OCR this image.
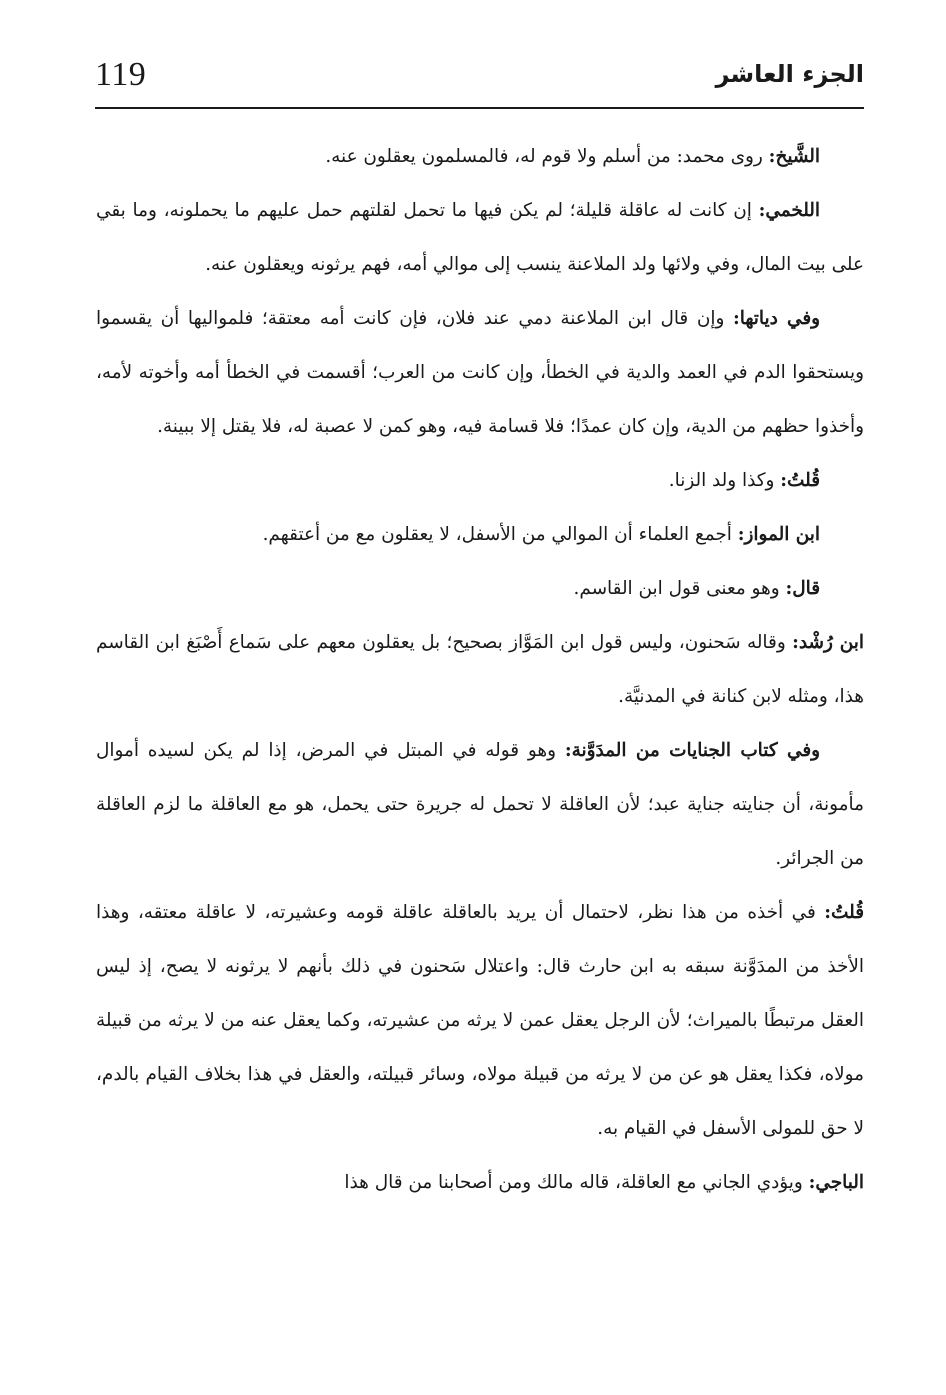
119	الجزء العاشر

الشَّيخ: روى محمد: من أسلم ولا قوم له، فالمسلمون يعقلون عنه.

اللخمي: إن كانت له عاقلة قليلة؛ لم يكن فيها ما تحمل لقلتهم حمل عليهم ما يحملونه، وما بقي على بيت المال، وفي ولائها ولد الملاعنة ينسب إلى موالي أمه، فهم يرثونه ويعقلون عنه.

وفي دياتها: وإن قال ابن الملاعنة دمي عند فلان، فإن كانت أمه معتقة؛ فلمواليها أن يقسموا ويستحقوا الدم في العمد والدية في الخطأ، وإن كانت من العرب؛ أقسمت في الخطأ أمه وأخوته لأمه، وأخذوا حظهم من الدية، وإن كان عمدًا؛ فلا قسامة فيه، وهو كمن لا عصبة له، فلا يقتل إلا ببينة.

قُلتُ: وكذا ولد الزنا.

ابن المواز: أجمع العلماء أن الموالي من الأسفل، لا يعقلون مع من أعتقهم.

قال: وهو معنى قول ابن القاسم.

ابن رُشْد: وقاله سَحنون، وليس قول ابن المَوَّاز بصحيح؛ بل يعقلون معهم على سَماع أَصْبَغ ابن القاسم هذا، ومثله لابن كنانة في المدنيَّة.

وفي كتاب الجنايات من المدَوَّنة: وهو قوله في المبتل في المرض، إذا لم يكن لسيده أموال مأمونة، أن جنايته جناية عبد؛ لأن العاقلة لا تحمل له جريرة حتى يحمل، هو مع العاقلة ما لزم العاقلة من الجرائر.

قُلتُ: في أخذه من هذا نظر، لاحتمال أن يريد بالعاقلة عاقلة قومه وعشيرته، لا عاقلة معتقه، وهذا الأخذ من المدَوَّنة سبقه به ابن حارث قال: واعتلال سَحنون في ذلك بأنهم لا يرثونه لا يصح، إذ ليس العقل مرتبطًا بالميراث؛ لأن الرجل يعقل عمن لا يرثه من عشيرته، وكما يعقل عنه من لا يرثه من قبيلة مولاه، فكذا يعقل هو عن من لا يرثه من قبيلة مولاه، وسائر قبيلته، والعقل في هذا بخلاف القيام بالدم، لا حق للمولى الأسفل في القيام به.

الباجي: ويؤدي الجاني مع العاقلة، قاله مالك ومن أصحابنا من قال هذا
